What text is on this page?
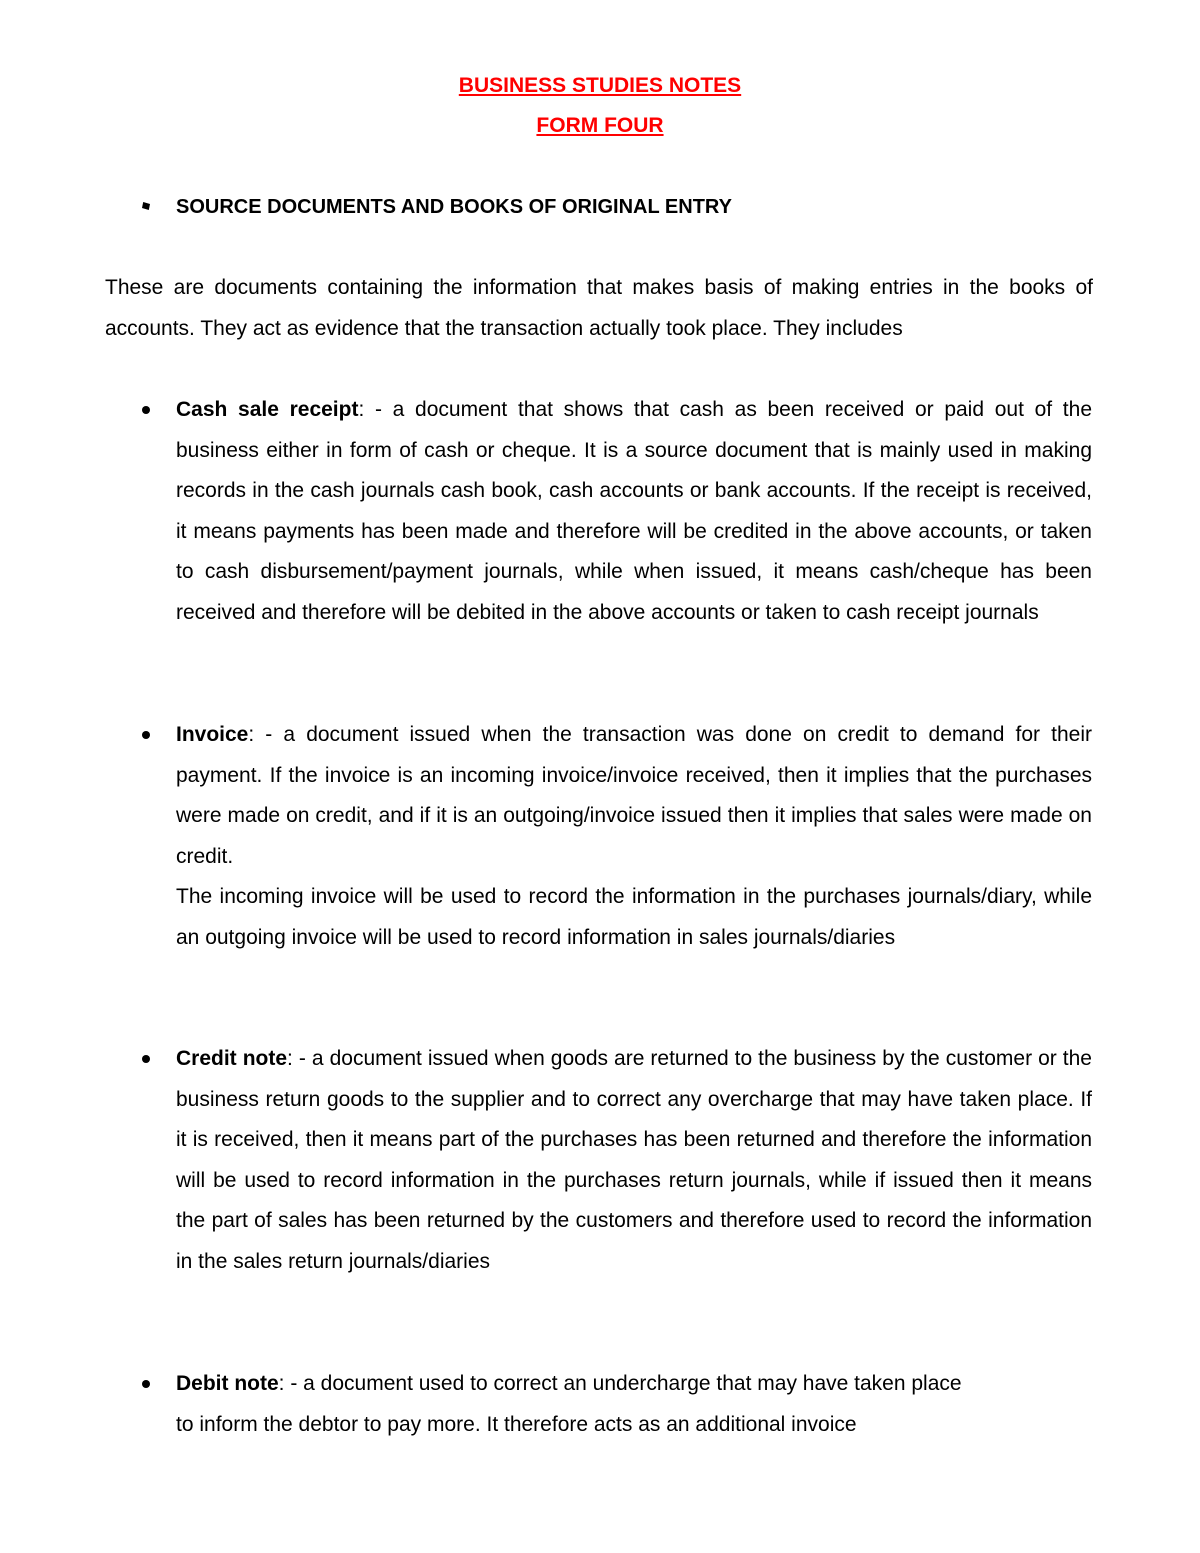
BUSINESS STUDIES NOTES
FORM FOUR
SOURCE DOCUMENTS AND BOOKS OF ORIGINAL ENTRY

These are documents containing the information that makes basis of making entries in the books of accounts. They act as evidence that the transaction actually took place. They includes

Cash sale receipt: - a document that shows that cash as been received or paid out of the business either in form of cash or cheque. It is a source document that is mainly used in making records in the cash journals cash book, cash accounts or bank accounts. If the receipt is received, it means payments has been made and therefore will be credited in the above accounts, or taken to cash disbursement/payment journals, while when issued, it means cash/cheque has been received and therefore will be debited in the above accounts or taken to cash receipt journals

Invoice: - a document issued when the transaction was done on credit to demand for their payment. If the invoice is an incoming invoice/invoice received, then it implies that the purchases were made on credit, and if it is an outgoing/invoice issued then it implies that sales were made on credit.
The incoming invoice will be used to record the information in the purchases journals/diary, while an outgoing invoice will be used to record information in sales journals/diaries

Credit note: - a document issued when goods are returned to the business by the customer or the business return goods to the supplier and to correct any overcharge that may have taken place. If it is received, then it means part of the purchases has been returned and therefore the information will be used to record information in the purchases return journals, while if issued then it means the part of sales has been returned by the customers and therefore used to record the information in the sales return journals/diaries

Debit note: - a document used to correct an undercharge that may have taken place
to inform the debtor to pay more. It therefore acts as an additional invoice
